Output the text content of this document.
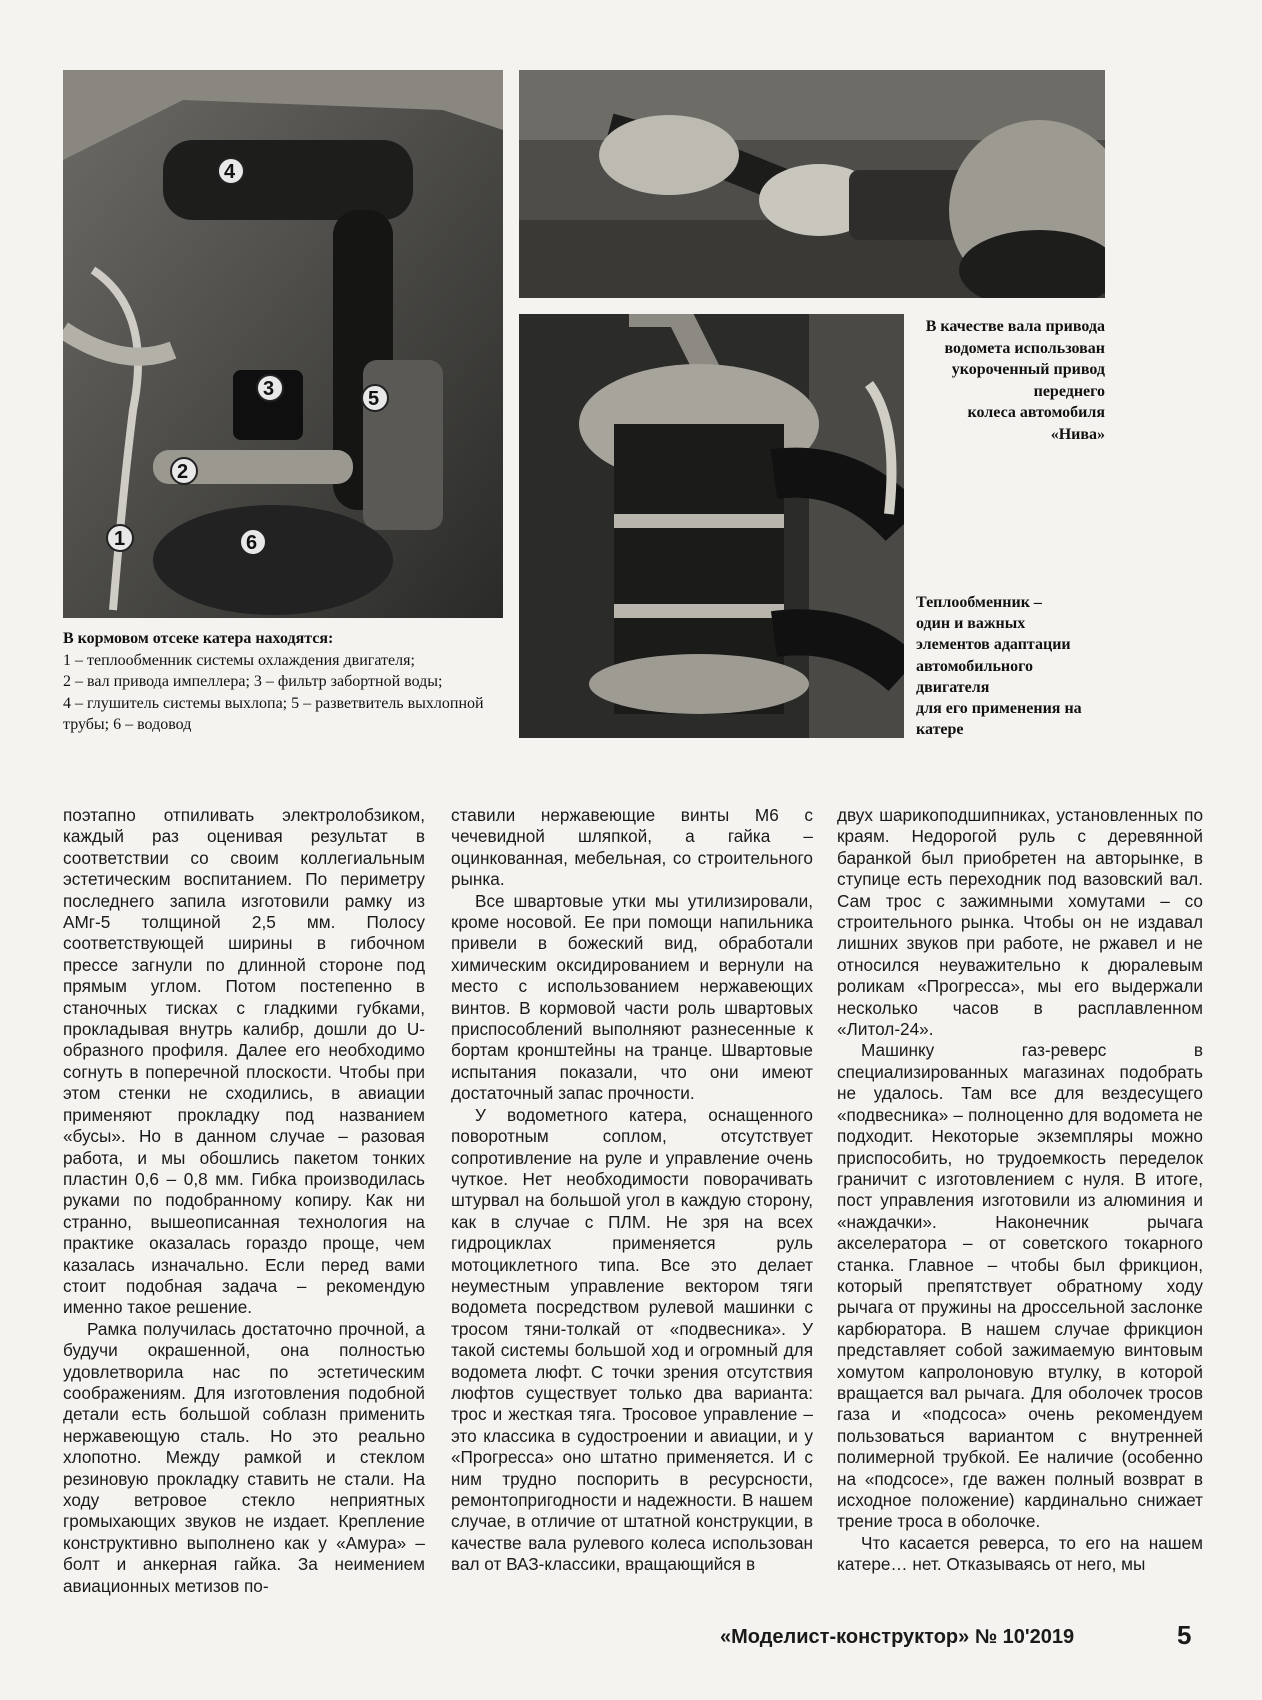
4
3	5
2
1	6
В кормовом отсеке катера находятся:
1 – теплообменник системы охлаждения двигателя;
2 – вал привода импеллера; 3 – фильтр забортной воды;
4 – глушитель системы выхлопа; 5 – разветвитель выхлопной
трубы; 6 – водовод
В качестве вала привода
водомета использован
укороченный привод
переднего
колеса автомобиля
«Нива»
Теплообменник –
один и важных
элементов адаптации
автомобильного
двигателя
для его применения на
катере

поэтапно отпиливать электролобзиком, каждый раз оценивая результат в соответствии со своим коллегиальным эстетическим воспитанием. По периметру последнего запила изготовили рамку из АМг-5 толщиной 2,5 мм. Полосу соответствующей ширины в гибочном прессе загнули по длинной стороне под прямым углом. Потом постепенно в станочных тисках с гладкими губками, прокладывая внутрь калибр, дошли до U-образного профиля. Далее его необходимо согнуть в поперечной плоскости. Чтобы при этом стенки не сходились, в авиации применяют прокладку под названием «бусы». Но в данном случае – разовая работа, и мы обошлись пакетом тонких пластин 0,6 – 0,8 мм. Гибка производилась руками по подобранному копиру. Как ни странно, вышеописанная технология на практике оказалась гораздо проще, чем казалась изначально. Если перед вами стоит подобная задача – рекомендую именно такое решение.

Рамка получилась достаточно прочной, а будучи окрашенной, она полностью удовлетворила нас по эстетическим соображениям. Для изготовления подобной детали есть большой соблазн применить нержавеющую сталь. Но это реально хлопотно. Между рамкой и стеклом резиновую прокладку ставить не стали. На ходу ветровое стекло неприятных громыхающих звуков не издает. Крепление конструктивно выполнено как у «Амура» – болт и анкерная гайка. За неимением авиационных метизов по-

ставили нержавеющие винты М6 с чечевидной шляпкой, а гайка – оцинкованная, мебельная, со строительного рынка.

Все швартовые утки мы утилизировали, кроме носовой. Ее при помощи напильника привели в божеский вид, обработали химическим оксидированием и вернули на место с использованием нержавеющих винтов. В кормовой части роль швартовых приспособлений выполняют разнесенные к бортам кронштейны на транце. Швартовые испытания показали, что они имеют достаточный запас прочности.

У водометного катера, оснащенного поворотным соплом, отсутствует сопротивление на руле и управление очень чуткое. Нет необходимости поворачивать штурвал на большой угол в каждую сторону, как в случае с ПЛМ. Не зря на всех гидроциклах применяется руль мотоциклетного типа. Все это делает неуместным управление вектором тяги водомета посредством рулевой машинки с тросом тяни-толкай от «подвесника». У такой системы большой ход и огромный для водомета люфт. С точки зрения отсутствия люфтов существует только два варианта: трос и жесткая тяга. Тросовое управление – это классика в судостроении и авиации, и у «Прогресса» оно штатно применяется. И с ним трудно поспорить в ресурсности, ремонтопригодности и надежности. В нашем случае, в отличие от штатной конструкции, в качестве вала рулевого колеса использован вал от ВАЗ-классики, вращающийся в

двух шарикоподшипниках, установленных по краям. Недорогой руль с деревянной баранкой был приобретен на авторынке, в ступице есть переходник под вазовский вал. Сам трос с зажимными хомутами – со строительного рынка. Чтобы он не издавал лишних звуков при работе, не ржавел и не относился неуважительно к дюралевым роликам «Прогресса», мы его выдержали несколько часов в расплавленном «Литол-24».

Машинку газ-реверс в специализированных магазинах подобрать не удалось. Там все для вездесущего «подвесника» – полноценно для водомета не подходит. Некоторые экземпляры можно приспособить, но трудоемкость переделок граничит с изготовлением с нуля. В итоге, пост управления изготовили из алюминия и «наждачки». Наконечник рычага акселератора – от советского токарного станка. Главное – чтобы был фрикцион, который препятствует обратному ходу рычага от пружины на дроссельной заслонке карбюратора. В нашем случае фрикцион представляет собой зажимаемую винтовым хомутом капролоновую втулку, в которой вращается вал рычага. Для оболочек тросов газа и «подсоса» очень рекомендуем пользоваться вариантом с внутренней полимерной трубкой. Ее наличие (особенно на «подсосе», где важен полный возврат в исходное положение) кардинально снижает трение троса в оболочке.

Что касается реверса, то его на нашем катере… нет. Отказываясь от него, мы

«Моделист-конструктор» № 10'2019	5
